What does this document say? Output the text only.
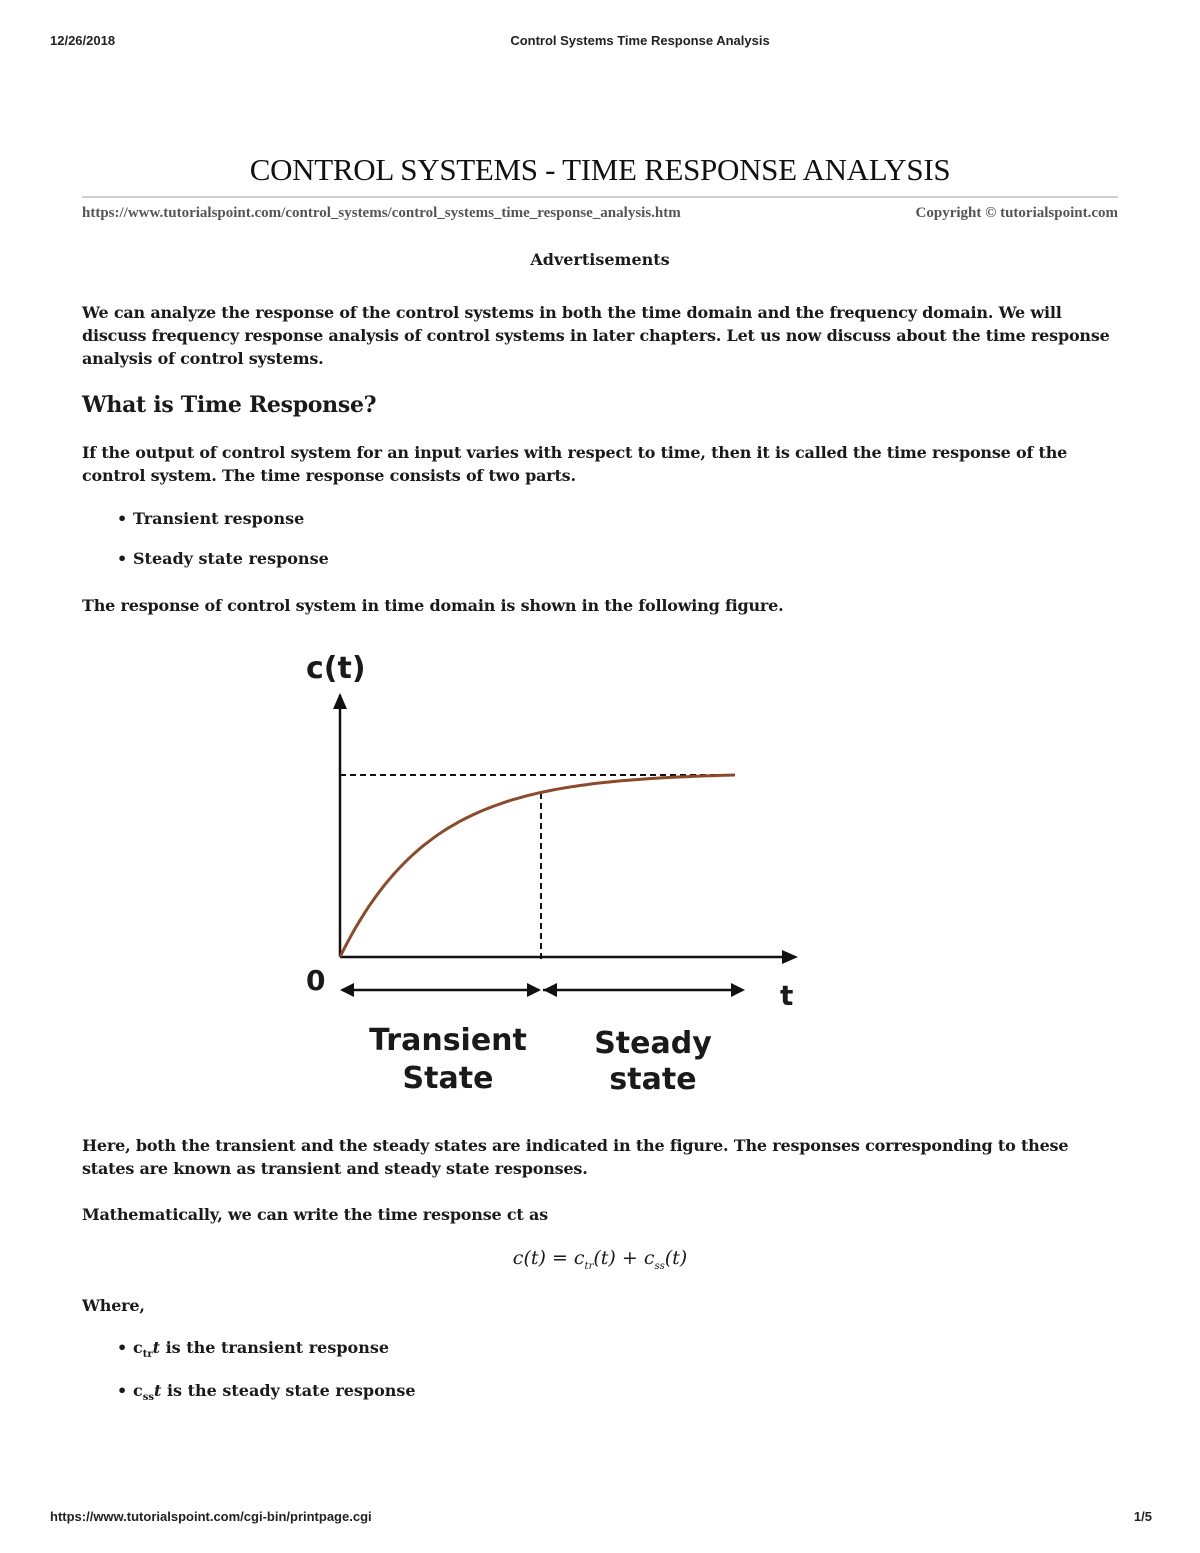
12/26/2018	Control Systems Time Response Analysis
CONTROL SYSTEMS - TIME RESPONSE ANALYSIS
https://www.tutorialspoint.com/control_systems/control_systems_time_response_analysis.htm	Copyright © tutorialspoint.com
Advertisements

We can analyze the response of the control systems in both the time domain and the frequency domain. We will discuss frequency response analysis of control systems in later chapters. Let us now discuss about the time response analysis of control systems.

What is Time Response?

If the output of control system for an input varies with respect to time, then it is called the time response of the control system. The time response consists of two parts.

• Transient response
• Steady state response

The response of control system in time domain is shown in the following figure.

c(t)
0	t
Transient
State
Steady
state

Here, both the transient and the steady states are indicated in the figure. The responses corresponding to these states are known as transient and steady state responses.

Mathematically, we can write the time response ct as

$c(t) = c_{tr}(t) + c_{ss}(t)$

Where,

• $c_{tr}t$ is the transient response
• $c_{ss}t$ is the steady state response
https://www.tutorialspoint.com/cgi-bin/printpage.cgi	1/5
